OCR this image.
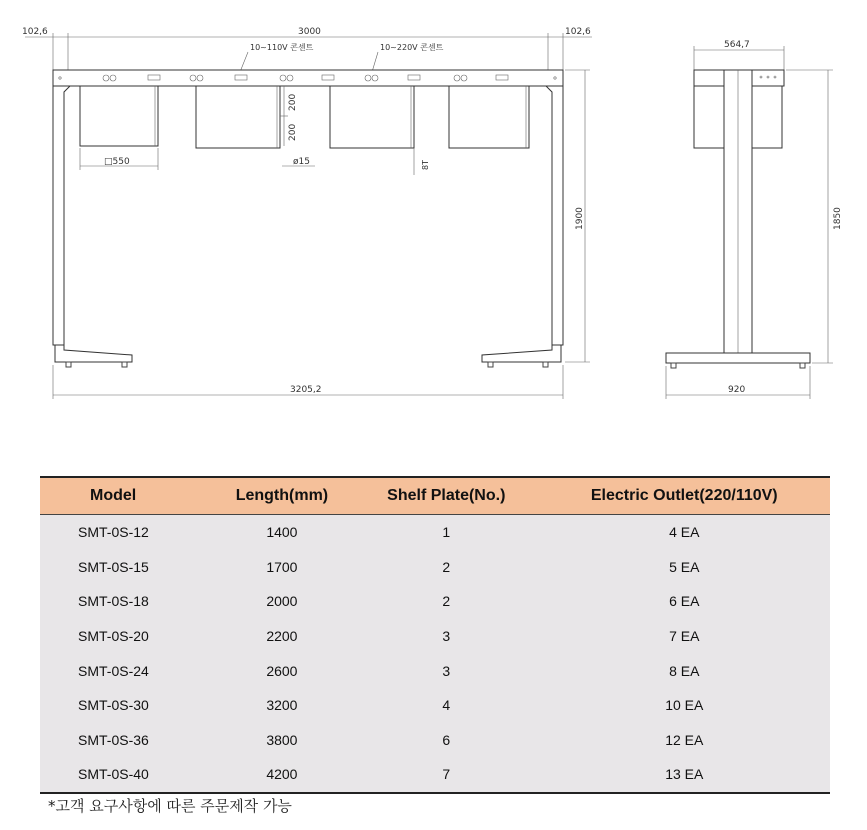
102,6	3000	102,6
10~110V 콘센트	10~220V 콘센트
□550
200
200
ø15	8T
1900
3205,2
564,7
1850
920
Model	Length(mm)	Shelf Plate(No.)	Electric Outlet(220/110V)
SMT-0S-12	1400	1	4 EA
SMT-0S-15	1700	2	5 EA
SMT-0S-18	2000	2	6 EA
SMT-0S-20	2200	3	7 EA
SMT-0S-24	2600	3	8 EA
SMT-0S-30	3200	4	10 EA
SMT-0S-36	3800	6	12 EA
SMT-0S-40	4200	7	13 EA
*고객 요구사항에 따른 주문제작 가능
